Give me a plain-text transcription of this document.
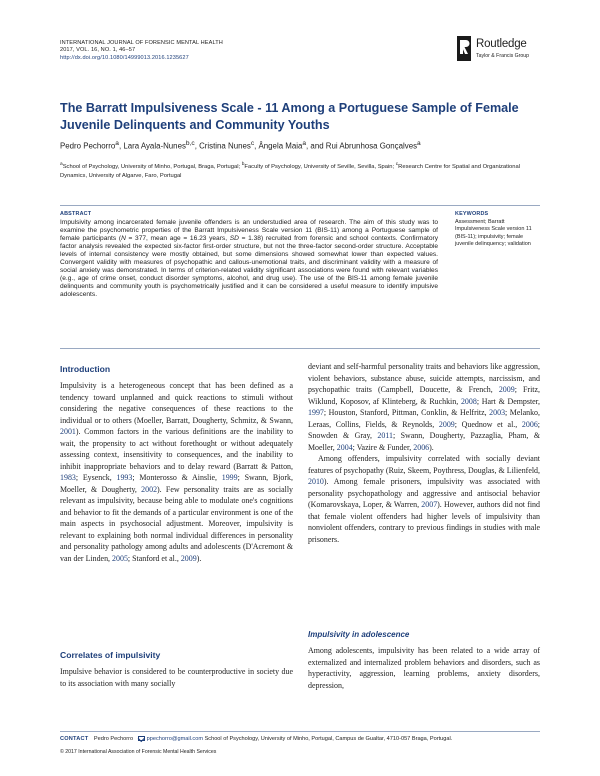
INTERNATIONAL JOURNAL OF FORENSIC MENTAL HEALTH
2017, VOL. 16, NO. 1, 46–57
http://dx.doi.org/10.1080/14999013.2016.1235627
Routledge
Taylor & Francis Group
The Barratt Impulsiveness Scale - 11 Among a Portuguese Sample of Female Juvenile Delinquents and Community Youths
Pedro Pechorro$^a$, Lara Ayala-Nunes$^{b,c}$, Cristina Nunes$^c$, Ângela Maia$^a$, and Rui Abrunhosa Gonçalves$^a$
$^a$School of Psychology, University of Minho, Portugal, Braga, Portugal; $^b$Faculty of Psychology, University of Seville, Sevilla, Spain; $^c$Research Centre for Spatial and Organizational Dynamics, University of Algarve, Faro, Portugal
ABSTRACT
Impulsivity among incarcerated female juvenile offenders is an understudied area of research. The aim of this study was to examine the psychometric properties of the Barratt Impulsiveness Scale version 11 (BIS-11) among a Portuguese sample of female participants (N = 377, mean age = 16.23 years, SD = 1.38) recruited from forensic and school contexts. Confirmatory factor analysis revealed the expected six-factor first-order structure, but not the three-factor second-order structure. Acceptable levels of internal consistency were mostly obtained, but some dimensions showed somewhat lower than expected values. Convergent validity with measures of psychopathic and callous-unemotional traits, and discriminant validity with a measure of social anxiety was demonstrated. In terms of criterion-related validity significant associations were found with relevant variables (e.g., age of crime onset, conduct disorder symptoms, alcohol, and drug use). The use of the BIS-11 among female juvenile delinquents and community youth is psychometrically justified and it can be considered a useful measure to identify impulsive adolescents.
KEYWORDS
Assessment; Barratt Impulsiveness Scale version 11 (BIS-11); impulsivity; female juvenile delinquency; validation
Introduction

Impulsivity is a heterogeneous concept that has been defined as a tendency toward unplanned and quick reactions to stimuli without considering the negative consequences of these reactions to the individual or to others (Moeller, Barratt, Dougherty, Schmitz, & Swann, 2001). Common factors in the various definitions are the inability to wait, the propensity to act without forethought or without adequately assessing context, insensitivity to consequences, and the inability to inhibit inappropriate behaviors and to delay reward (Barratt & Patton, 1983; Eysenck, 1993; Monterosso & Ainslie, 1999; Swann, Bjork, Moeller, & Dougherty, 2002). Few personality traits are as socially relevant as impulsivity, because being able to modulate one's cognitions and behavior to fit the demands of a particular environment is one of the main aspects in psychosocial adjustment. Moreover, impulsivity is relevant to explaining both normal individual differences in personality and personality pathology among adults and adolescents (D'Acremont & van der Linden, 2005; Stanford et al., 2009).

Correlates of impulsivity

Impulsive behavior is considered to be counterproductive in society due to its association with many socially

deviant and self-harmful personality traits and behaviors like aggression, violent behaviors, substance abuse, suicide attempts, narcissism, and psychopathic traits (Campbell, Doucette, & French, 2009; Fritz, Wiklund, Koposov, af Klinteberg, & Ruchkin, 2008; Hart & Dempster, 1997; Houston, Stanford, Pittman, Conklin, & Helfritz, 2003; Melanko, Leraas, Collins, Fields, & Reynolds, 2009; Quednow et al., 2006; Snowden & Gray, 2011; Swann, Dougherty, Pazzaglia, Pham, & Moeller, 2004; Vazire & Funder, 2006).

Among offenders, impulsivity correlated with socially deviant features of psychopathy (Ruiz, Skeem, Poythress, Douglas, & Lilienfeld, 2010). Among female prisoners, impulsivity was associated with personality psychopathology and aggressive and antisocial behavior (Komarovskaya, Loper, & Warren, 2007). However, authors did not find that female violent offenders had higher levels of impulsivity than nonviolent offenders, contrary to previous findings in studies with male prisoners.

Impulsivity in adolescence

Among adolescents, impulsivity has been related to a wide array of externalized and internalized problem behaviors and disorders, such as hyperactivity, aggression, learning problems, anxiety disorders, depression,

CONTACT Pedro Pechorro ppechorro@gmail.com School of Psychology, University of Minho, Portugal, Campus de Gualtar, 4710-057 Braga, Portugal.
© 2017 International Association of Forensic Mental Health Services
